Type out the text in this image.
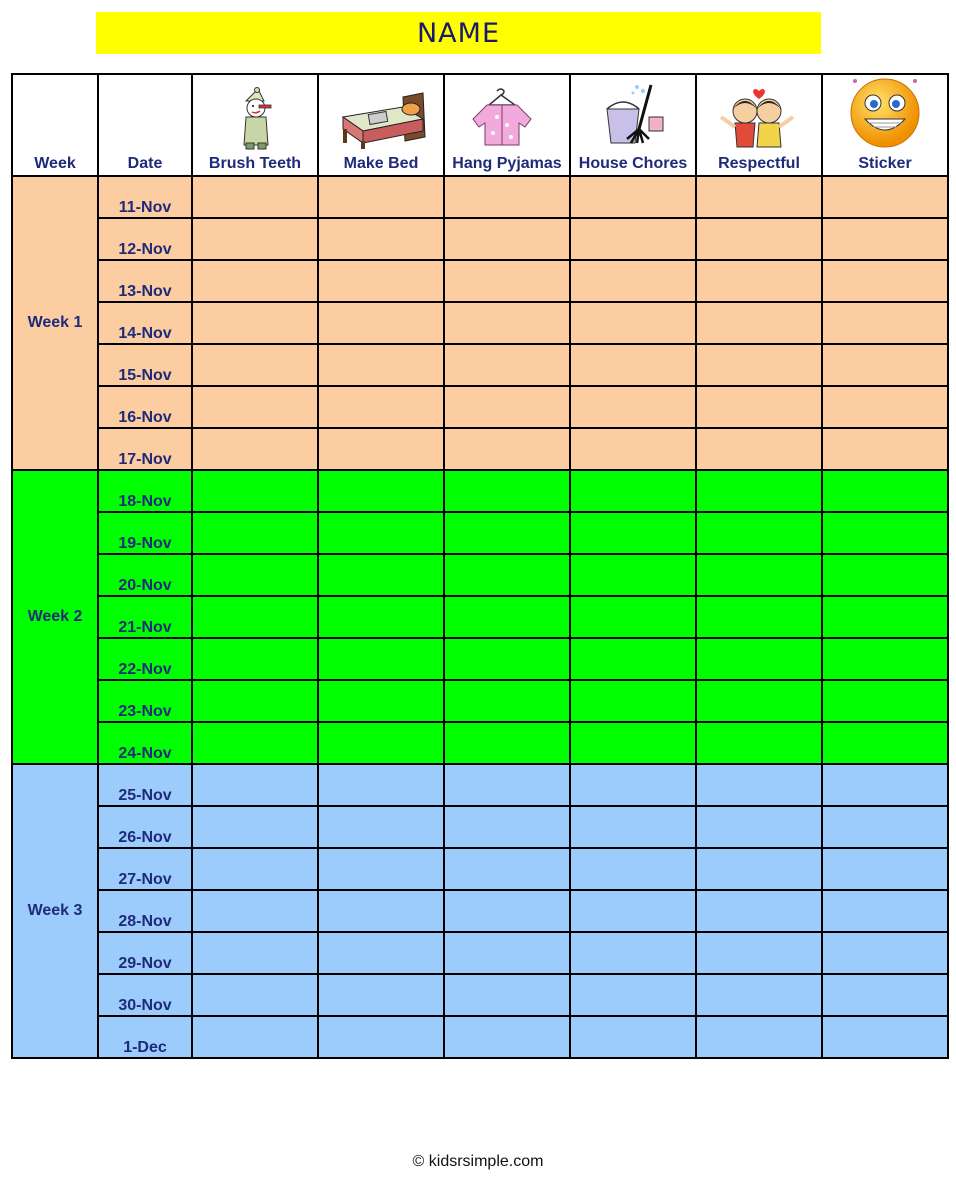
NAME
Week	Date	Brush Teeth	Make Bed	Hang Pyjamas	House Chores	Respectful	Sticker

Week 1	11-Nov						
	12-Nov						
	13-Nov						
	14-Nov						
	15-Nov						
	16-Nov						
	17-Nov						
Week 2	18-Nov						
	19-Nov						
	20-Nov						
	21-Nov						
	22-Nov						
	23-Nov						
	24-Nov						
Week 3	25-Nov						
	26-Nov						
	27-Nov						
	28-Nov						
	29-Nov						
	30-Nov						
	1-Dec						
© kidsrsimple.com
